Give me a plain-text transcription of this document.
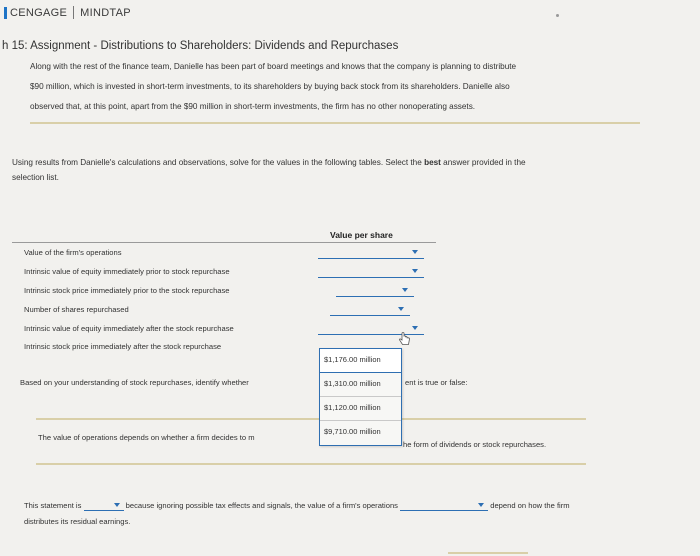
CENGAGE MINDTAP
h 15: Assignment - Distributions to Shareholders: Dividends and Repurchases
Along with the rest of the finance team, Danielle has been part of board meetings and knows that the company is planning to distribute
$90 million, which is invested in short-term investments, to its shareholders by buying back stock from its shareholders. Danielle also
observed that, at this point, apart from the $90 million in short-term investments, the firm has no other nonoperating assets.
Using results from Danielle's calculations and observations, solve for the values in the following tables. Select the best answer provided in the
selection list.
Value per share
Value of the firm's operations
Intrinsic value of equity immediately prior to stock repurchase
Intrinsic stock price immediately prior to the stock repurchase
Number of shares repurchased
Intrinsic value of equity immediately after the stock repurchase
Intrinsic stock price immediately after the stock repurchase
Based on your understanding of stock repurchases, identify whether	ent is true or false:
The value of operations depends on whether a firm decides to m
he form of dividends or stock repurchases.
$1,176.00 million
$1,310.00 million
$1,120.00 million
$9,710.00 million
This statement is	because ignoring possible tax effects and signals, the value of a firm's operations	depend on how the firm
distributes its residual earnings.
